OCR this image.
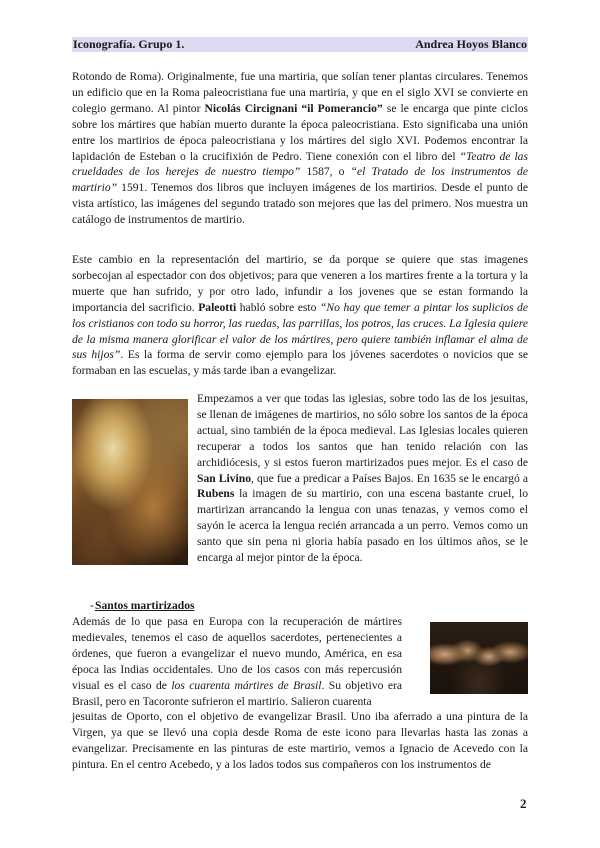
Iconografía. Grupo 1.	Andrea Hoyos Blanco

Rotondo de Roma). Originalmente, fue una martiria, que solían tener plantas circulares. Tenemos un edificio que en la Roma paleocristiana fue una martiria, y que en el siglo XVI se convierte en colegio germano. Al pintor Nicolás Circignani “il Pomerancio” se le encarga que pinte ciclos sobre los mártires que habían muerto durante la época paleocristiana. Esto significaba una unión entre los martirios de época paleocristiana y los mártires del siglo XVI. Podemos encontrar la lapidación de Esteban o la crucifixión de Pedro. Tiene conexión con el libro del “Teatro de las crueldades de los herejes de nuestro tiempo” 1587, o “el Tratado de los instrumentos de martirio” 1591. Tenemos dos libros que incluyen imágenes de los martirios. Desde el punto de vista artístico, las imágenes del segundo tratado son mejores que las del primero. Nos muestra un catálogo de instrumentos de martirio.

Este cambio en la representación del martirio, se da porque se quiere que stas imagenes sorbecojan al espectador con dos objetivos; para que veneren a los martires frente a la tortura y la muerte que han sufrido, y por otro lado, infundir a los jovenes que se estan formando la importancia del sacrificio. Paleotti habló sobre esto “No hay que temer a pintar los suplicios de los cristianos con todo su horror, las ruedas, las parrillas, los potros, las cruces. La Iglesia quiere de la misma manera glorificar el valor de los mártires, pero quiere también inflamar el alma de sus hijos”. Es la forma de servir como ejemplo para los jóvenes sacerdotes o novicios que se formaban en las escuelas, y más tarde iban a evangelizar.

Empezamos a ver que todas las iglesias, sobre todo las de los jesuitas, se llenan de imágenes de martirios, no sólo sobre los santos de la época actual, sino también de la época medieval. Las Iglesias locales quieren recuperar a todos los santos que han tenido relación con las archidiócesis, y si estos fueron martirizados pues mejor. Es el caso de San Livino, que fue a predicar a Países Bajos. En 1635 se le encargó a Rubens la imagen de su martirio, con una escena bastante cruel, lo martirizan arrancando la lengua con unas tenazas, y vemos como el sayón le acerca la lengua recién arrancada a un perro. Vemos como un santo que sin pena ni gloria había pasado en los últimos años, se le encarga al mejor pintor de la época.

- Santos martirizados

Además de lo que pasa en Europa con la recuperación de mártires medievales, tenemos el caso de aquellos sacerdotes, pertenecientes a órdenes, que fueron a evangelizar el nuevo mundo, América, en esa época las Indias occidentales. Uno de los casos con más repercusión visual es el caso de los cuarenta mártires de Brasil. Su objetivo era Brasil, pero en Tacoronte sufrieron el martirio. Salieron cuarenta

jesuitas de Oporto, con el objetivo de evangelizar Brasil. Uno iba aferrado a una pintura de la Virgen, ya que se llevó una copia desde Roma de este icono para llevarlas hasta las zonas a evangelizar. Precisamente en las pinturas de este martirio, vemos a Ignacio de Acevedo con la pintura. En el centro Acebedo, y a los lados todos sus compañeros con los instrumentos de

2
